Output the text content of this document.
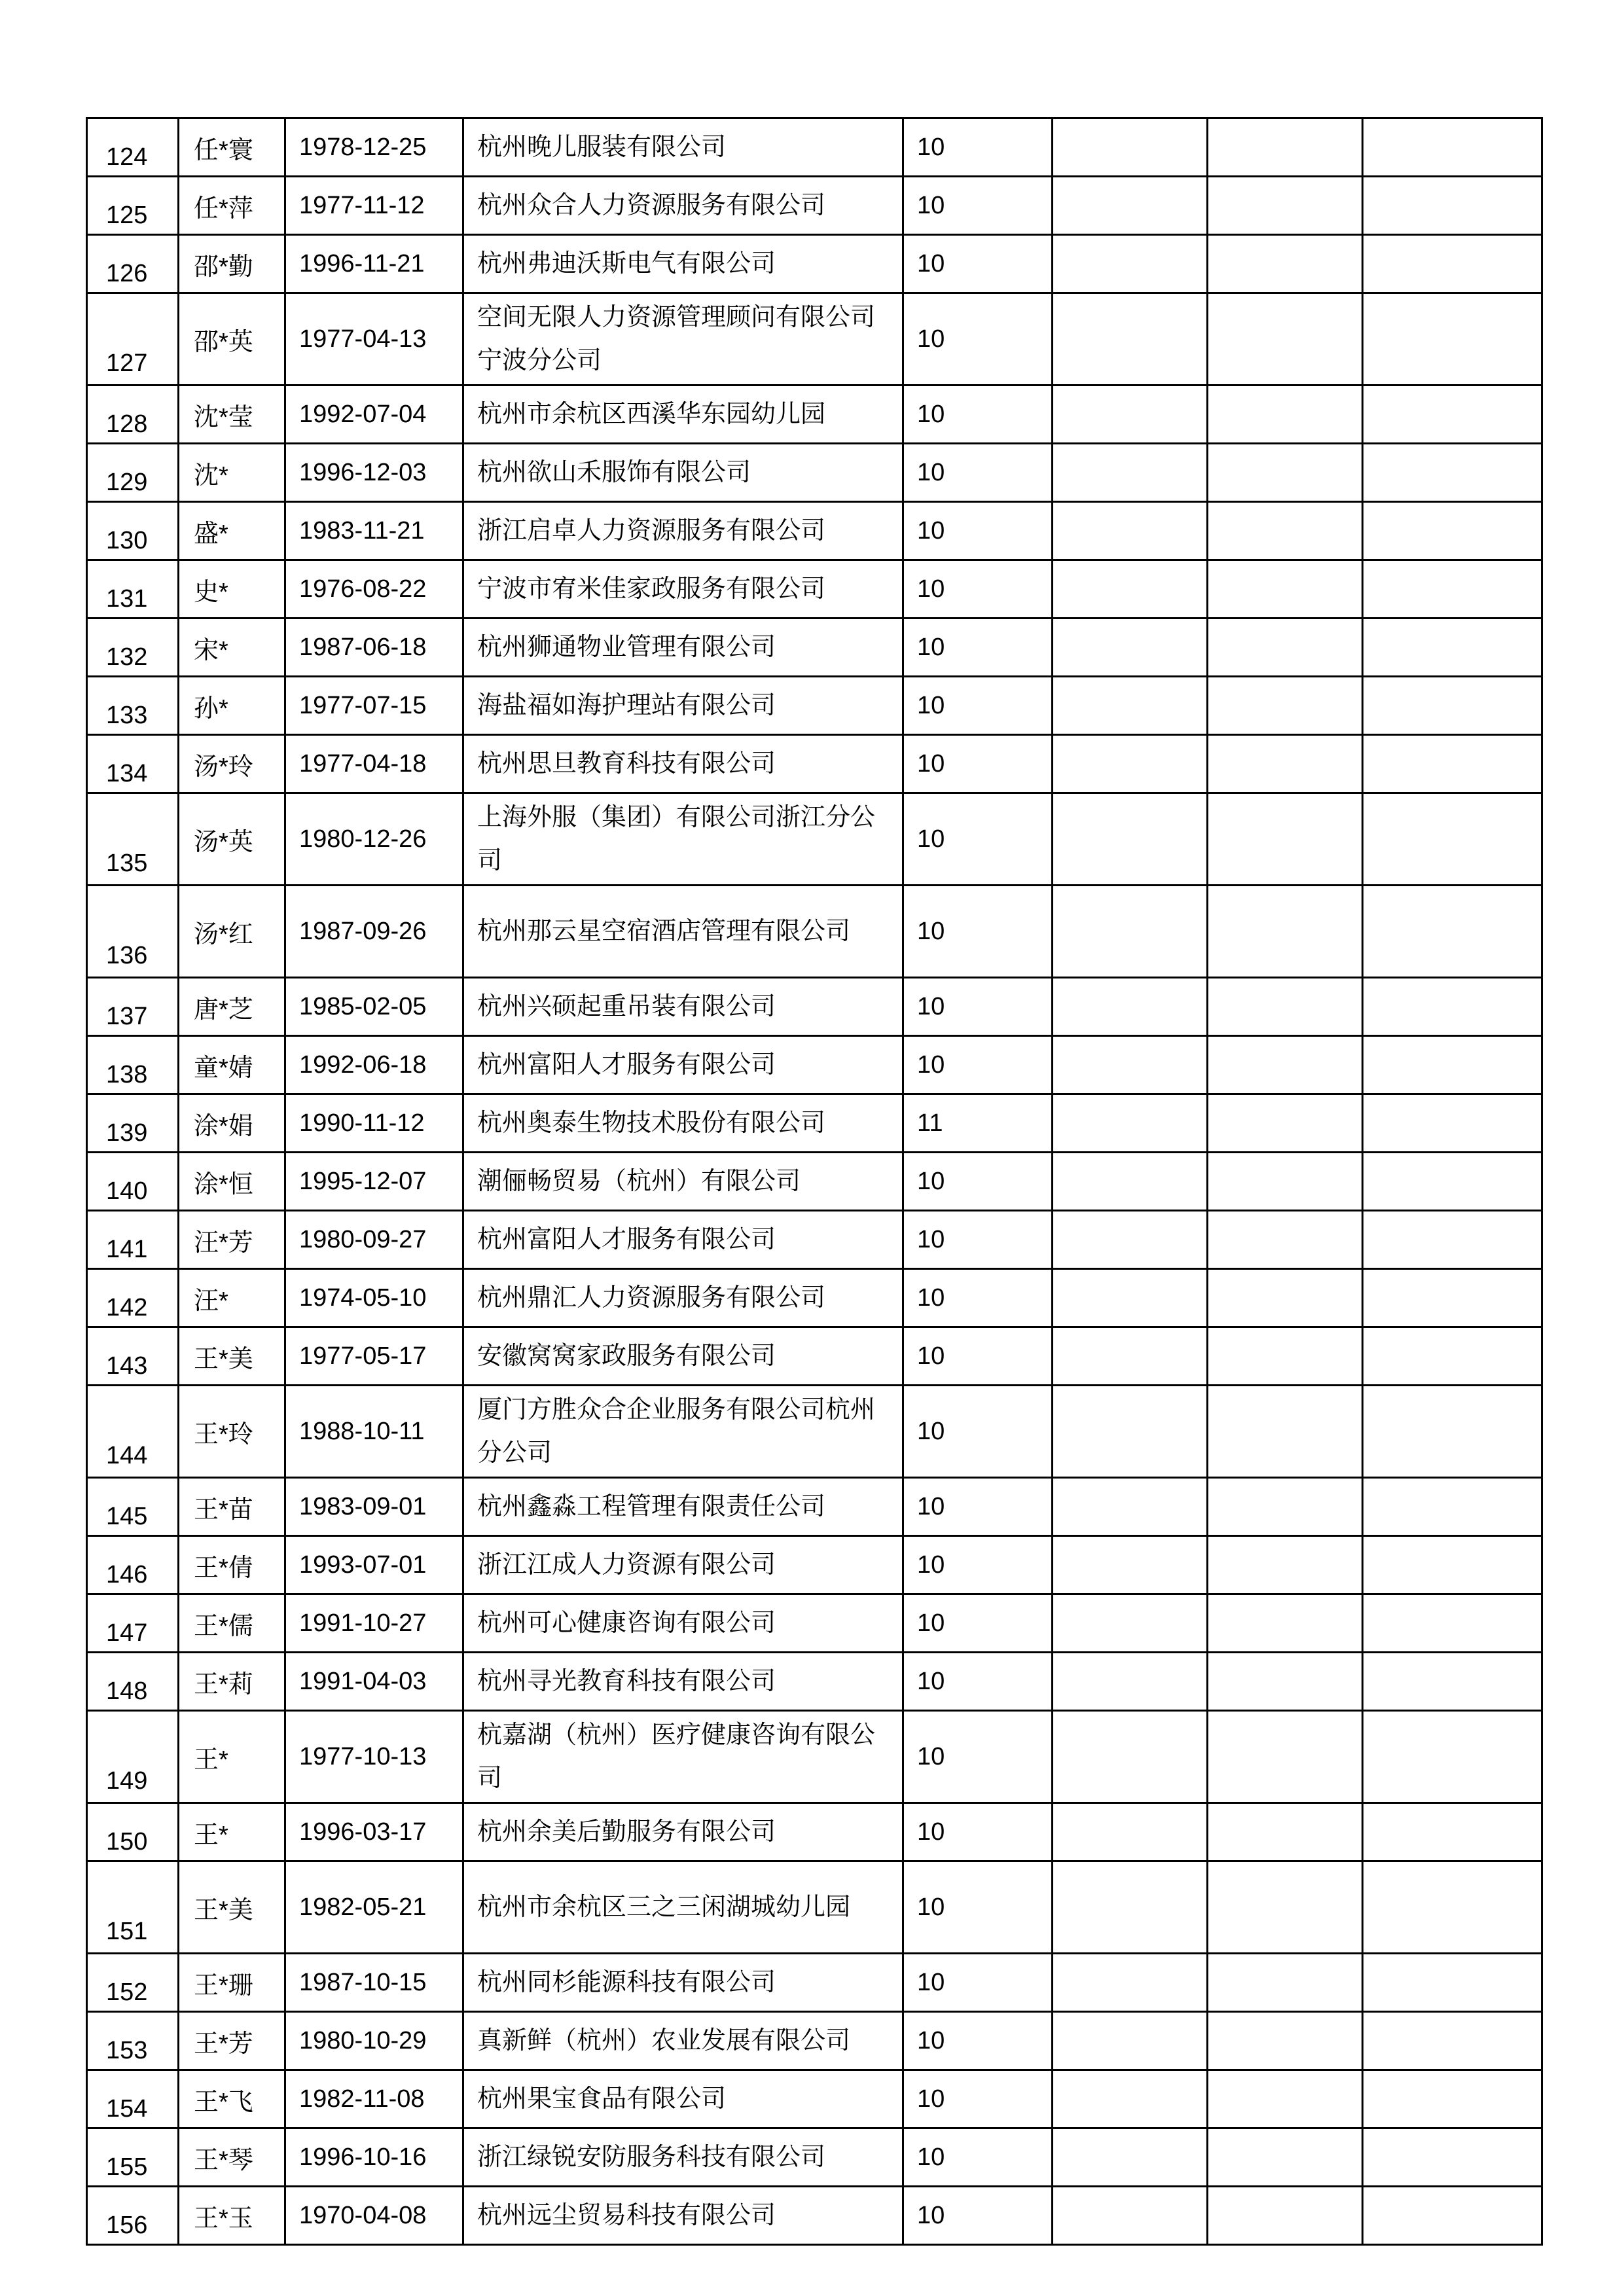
124	任*寰	1978-12-25	杭州晚儿服装有限公司	10			
125	任*萍	1977-11-12	杭州众合人力资源服务有限公司	10			
126	邵*勤	1996-11-21	杭州弗迪沃斯电气有限公司	10			
127	邵*英	1977-04-13	空间无限人力资源管理顾问有限公司宁波分公司	10			
128	沈*莹	1992-07-04	杭州市余杭区西溪华东园幼儿园	10			
129	沈*	1996-12-03	杭州欲山禾服饰有限公司	10			
130	盛*	1983-11-21	浙江启卓人力资源服务有限公司	10			
131	史*	1976-08-22	宁波市宥米佳家政服务有限公司	10			
132	宋*	1987-06-18	杭州狮通物业管理有限公司	10			
133	孙*	1977-07-15	海盐福如海护理站有限公司	10			
134	汤*玲	1977-04-18	杭州思旦教育科技有限公司	10			
135	汤*英	1980-12-26	上海外服（集团）有限公司浙江分公司	10			
136	汤*红	1987-09-26	杭州那云星空宿酒店管理有限公司	10			
137	唐*芝	1985-02-05	杭州兴硕起重吊装有限公司	10			
138	童*婧	1992-06-18	杭州富阳人才服务有限公司	10			
139	涂*娟	1990-11-12	杭州奥泰生物技术股份有限公司	11			
140	涂*恒	1995-12-07	潮俪畅贸易（杭州）有限公司	10			
141	汪*芳	1980-09-27	杭州富阳人才服务有限公司	10			
142	汪*	1974-05-10	杭州鼎汇人力资源服务有限公司	10			
143	王*美	1977-05-17	安徽窝窝家政服务有限公司	10			
144	王*玲	1988-10-11	厦门方胜众合企业服务有限公司杭州分公司	10			
145	王*苗	1983-09-01	杭州鑫淼工程管理有限责任公司	10			
146	王*倩	1993-07-01	浙江江成人力资源有限公司	10			
147	王*儒	1991-10-27	杭州可心健康咨询有限公司	10			
148	王*莉	1991-04-03	杭州寻光教育科技有限公司	10			
149	王*	1977-10-13	杭嘉湖（杭州）医疗健康咨询有限公司	10			
150	王*	1996-03-17	杭州余美后勤服务有限公司	10			
151	王*美	1982-05-21	杭州市余杭区三之三闲湖城幼儿园	10			
152	王*珊	1987-10-15	杭州同杉能源科技有限公司	10			
153	王*芳	1980-10-29	真新鲜（杭州）农业发展有限公司	10			
154	王*飞	1982-11-08	杭州果宝食品有限公司	10			
155	王*琴	1996-10-16	浙江绿锐安防服务科技有限公司	10			
156	王*玉	1970-04-08	杭州远尘贸易科技有限公司	10			
